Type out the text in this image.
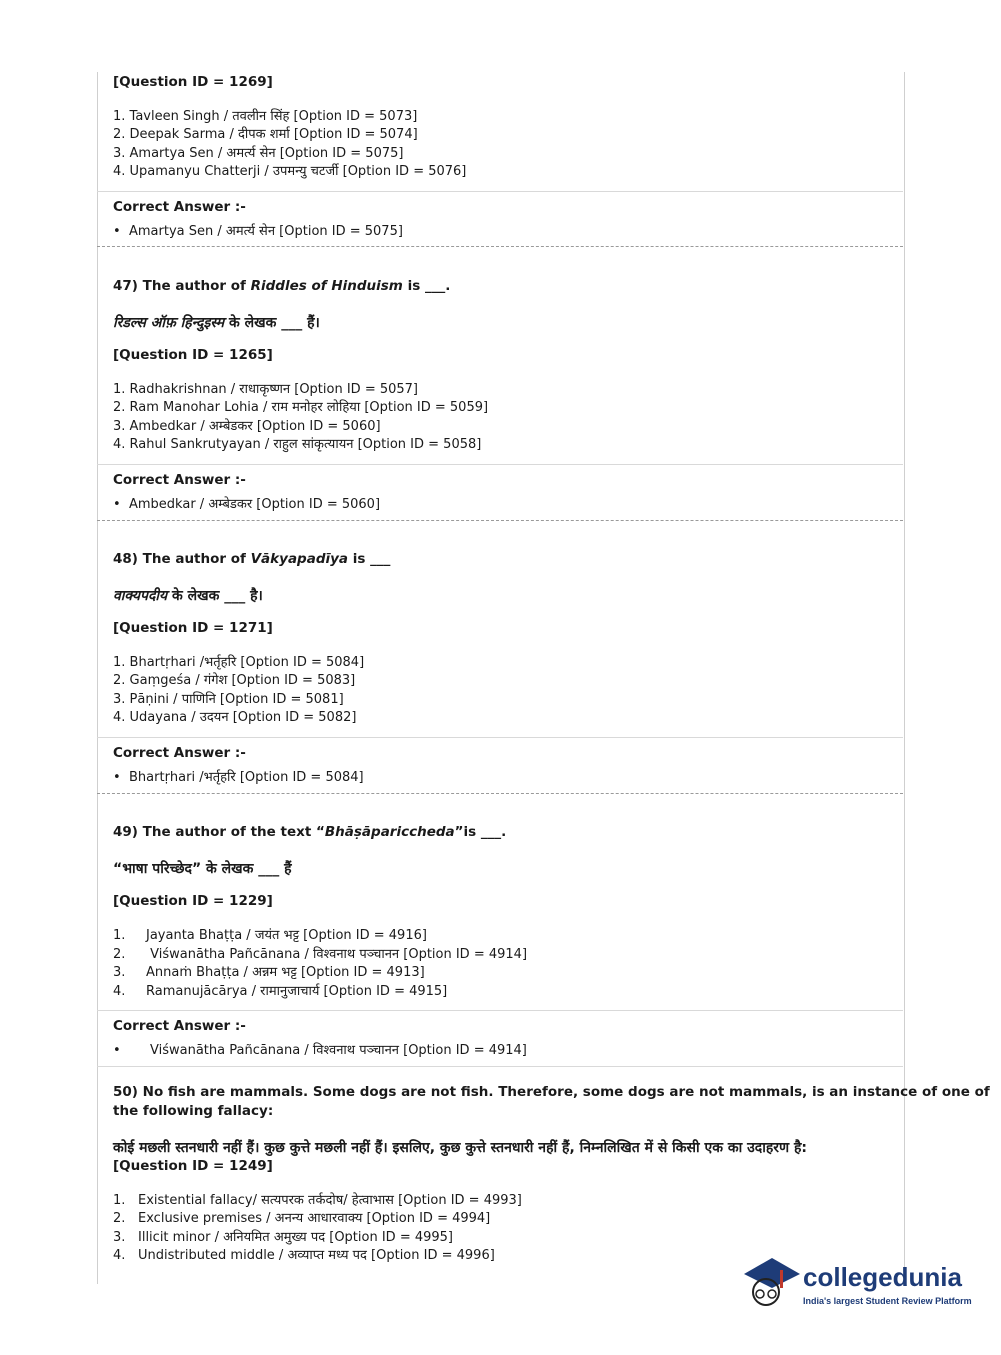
[Question ID = 1269]
1. Tavleen Singh / तवलीन सिंह [Option ID = 5073]
2. Deepak Sarma / दीपक शर्मा [Option ID = 5074]
3. Amartya Sen / अमर्त्य सेन [Option ID = 5075]
4. Upamanyu Chatterji / उपमन्यु चटर्जी [Option ID = 5076]
Correct Answer :-
• Amartya Sen / अमर्त्य सेन [Option ID = 5075]
47) The author of Riddles of Hinduism is ___.
रिडल्स ऑफ़ हिन्दुइस्म के लेखक ___ हैं।
[Question ID = 1265]
1. Radhakrishnan / राधाकृष्णन [Option ID = 5057]
2. Ram Manohar Lohia / राम मनोहर लोहिया [Option ID = 5059]
3. Ambedkar / अम्बेडकर [Option ID = 5060]
4. Rahul Sankrutyayan / राहुल सांकृत्यायन [Option ID = 5058]
Correct Answer :-
• Ambedkar / अम्बेडकर [Option ID = 5060]
48) The author of Vākyapadīya is ___
वाक्यपदीय के लेखक ___ है।
[Question ID = 1271]
1. Bhartṛhari /भर्तृहरि [Option ID = 5084]
2. Gaṃgeśa / गंगेश [Option ID = 5083]
3. Pāṇini / पाणिनि [Option ID = 5081]
4. Udayana / उदयन [Option ID = 5082]
Correct Answer :-
• Bhartṛhari /भर्तृहरि [Option ID = 5084]
49) The author of the text “Bhāṣāparicched​a”is ___.
“भाषा परिच्छेद” के लेखक ___ हैं
[Question ID = 1229]
1. Jayanta Bhaṭṭa / जयंत भट्ट [Option ID = 4916]
2. Viśwanātha Pañcānana / विश्वनाथ पञ्चानन [Option ID = 4914]
3. Annaṁ Bhaṭṭa / अन्नम भट्ट [Option ID = 4913]
4. Ramanujācārya / रामानुजाचार्य [Option ID = 4915]
Correct Answer :-
• Viśwanātha Pañcānana / विश्वनाथ पञ्चानन [Option ID = 4914]
50) No fish are mammals. Some dogs are not fish. Therefore, some dogs are not mammals, is an instance of one of
the following fallacy:
कोई मछली स्तनधारी नहीं हैं। कुछ कुत्ते मछली नहीं हैं। इसलिए, कुछ कुत्ते स्तनधारी नहीं हैं, निम्नलिखित में से किसी एक का उदाहरण है:
[Question ID = 1249]
1. Existential fallacy/ सत्यपरक तर्कदोष/ हेत्वाभास [Option ID = 4993]
2. Exclusive premises / अनन्य आधारवाक्य [Option ID = 4994]
3. Illicit minor / अनियमित अमुख्य पद [Option ID = 4995]
4. Undistributed middle / अव्याप्त मध्य पद [Option ID = 4996]
collegedunia
India's largest Student Review Platform
